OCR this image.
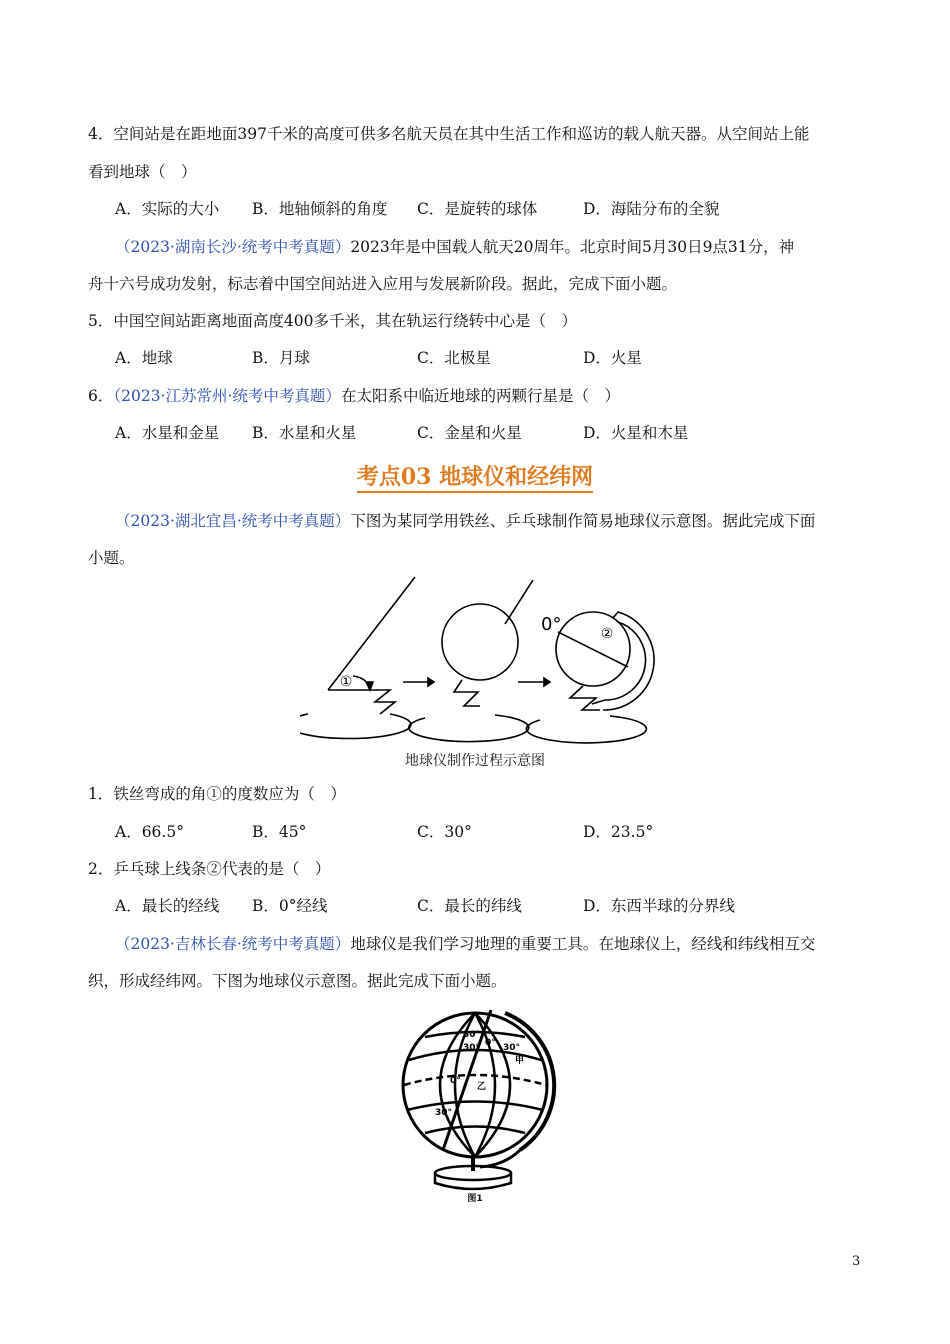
4．空间站是在距地面397千米的高度可供多名航天员在其中生活工作和巡访的载人航天器。从空间站上能
看到地球（　）
A．实际的大小 B．地轴倾斜的角度 C．是旋转的球体	D．海陆分布的全貌
（2023·湖南长沙·统考中考真题）2023年是中国载人航天20周年。北京时间5月30日9点31分，神
舟十六号成功发射，标志着中国空间站进入应用与发展新阶段。据此，完成下面小题。
5．中国空间站距离地面高度400多千米，其在轨运行绕转中心是（　）
A．地球	B．月球	C．北极星	D．火星
6．（2023·江苏常州·统考中考真题）在太阳系中临近地球的两颗行星是（　）
A．水星和金星 B．水星和火星	C．金星和火星	D．火星和木星
考点03 地球仪和经纬网
（2023·湖北宜昌·统考中考真题）下图为某同学用铁丝、乒乓球制作简易地球仪示意图。据此完成下面
小题。
①
②
0°
地球仪制作过程示意图
1．铁丝弯成的角①的度数应为（　）
A．66.5°	B．45°	C．30°	D．23.5°
2．乒乓球上线条②代表的是（　）
A．最长的经线 B．0°经线	C．最长的纬线	D．东西半球的分界线
（2023·吉林长春·统考中考真题）地球仪是我们学习地理的重要工具。在地球仪上，经线和纬线相互交
织，形成经纬网。下图为地球仪示意图。据此完成下面小题。
30°
0°
30°	30°
甲
0°
乙
30°
图1
3
